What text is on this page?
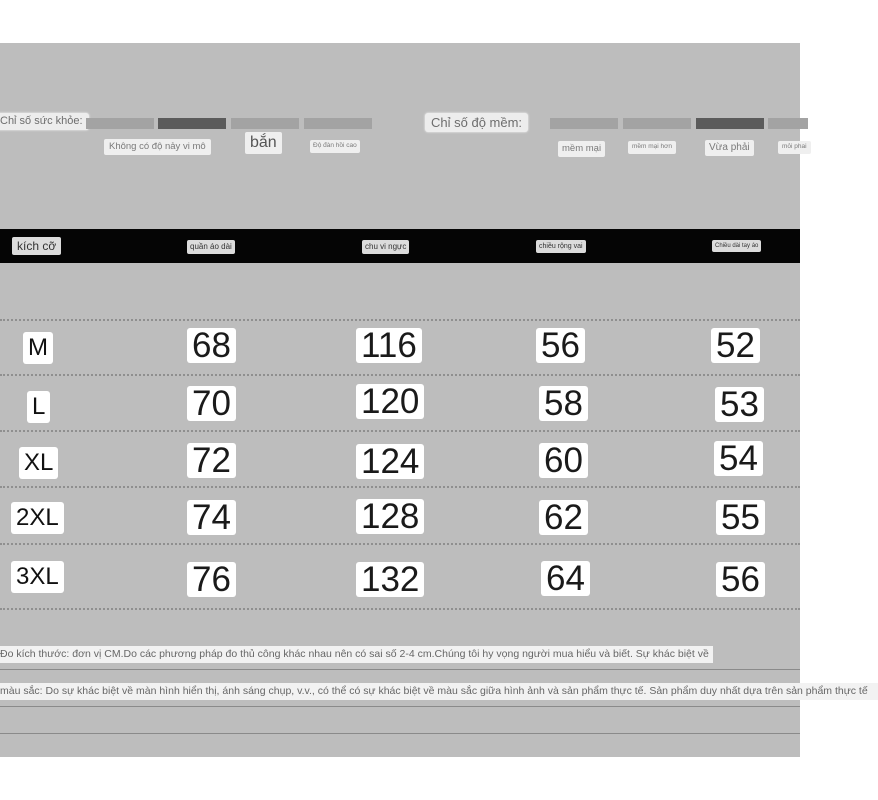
Chỉ số sức khỏe:
Không có độ nảy vi mô	bắn	Độ đàn hồi cao
Chỉ số độ mềm:
mềm mại	mềm mại hơn	Vừa phải	mỏi phai
kích cỡ	quần áo dài	chu vi ngực	chiều rộng vai	Chiều dài tay áo
M	68	116	56	52
L	70	120	58	53
XL	72	124	60	54
2XL	74	128	62	55
3XL	76	132	64	56
Đo kích thước: đơn vị CM.Do các phương pháp đo thủ công khác nhau nên có sai số 2-4 cm.Chúng tôi hy vọng người mua hiểu và biết. Sự khác biệt về
màu sắc: Do sự khác biệt về màn hình hiển thị, ánh sáng chụp, v.v., có thể có sự khác biệt về màu sắc giữa hình ảnh và sản phẩm thực tế. Sản phẩm duy nhất dựa trên sản phẩm thực tế
